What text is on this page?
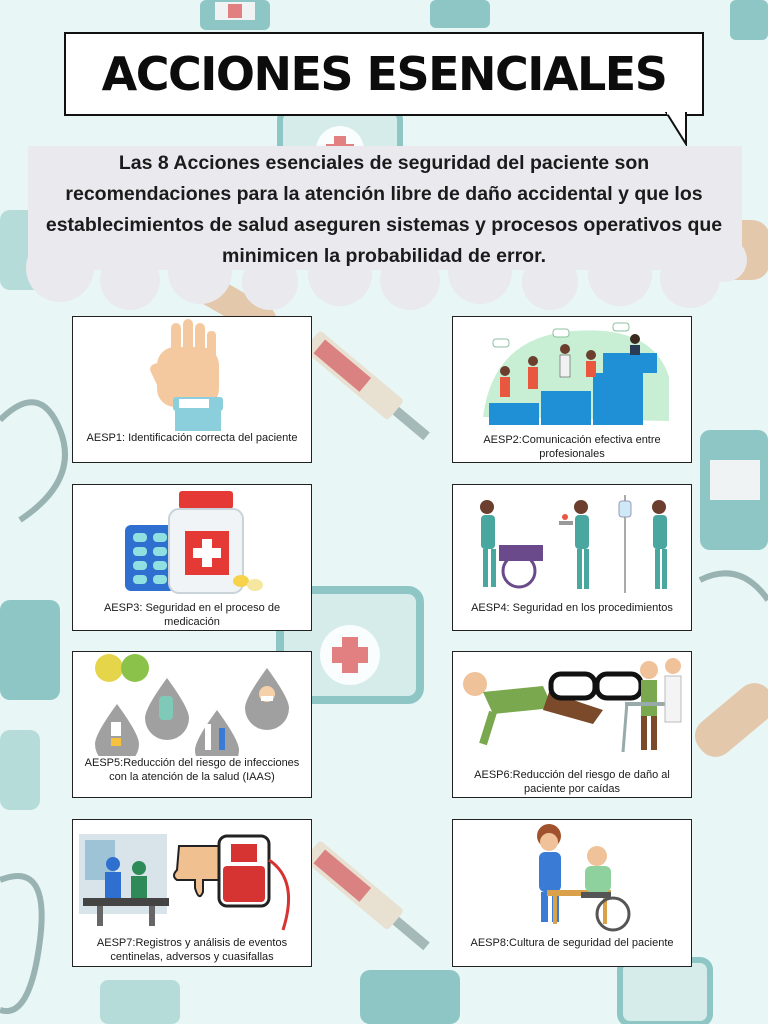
ACCIONES ESENCIALES
Las 8 Acciones esenciales de seguridad del paciente son recomendaciones para la atención libre de daño accidental y que los establecimientos de salud aseguren sistemas y procesos operativos que minimicen la probabilidad de error.
AESP1: Identificación correcta del paciente	AESP2:Comunicación efectiva entre profesionales
AESP3: Seguridad en el proceso de medicación
AESP4: Seguridad en los procedimientos
AESP5:Reducción del riesgo de infecciones con la atención de la salud (IAAS)	AESP6:Reducción del riesgo de daño al paciente por caídas
AESP7:Registros y análisis de eventos centinelas, adversos y cuasifallas
AESP8:Cultura de seguridad del paciente
